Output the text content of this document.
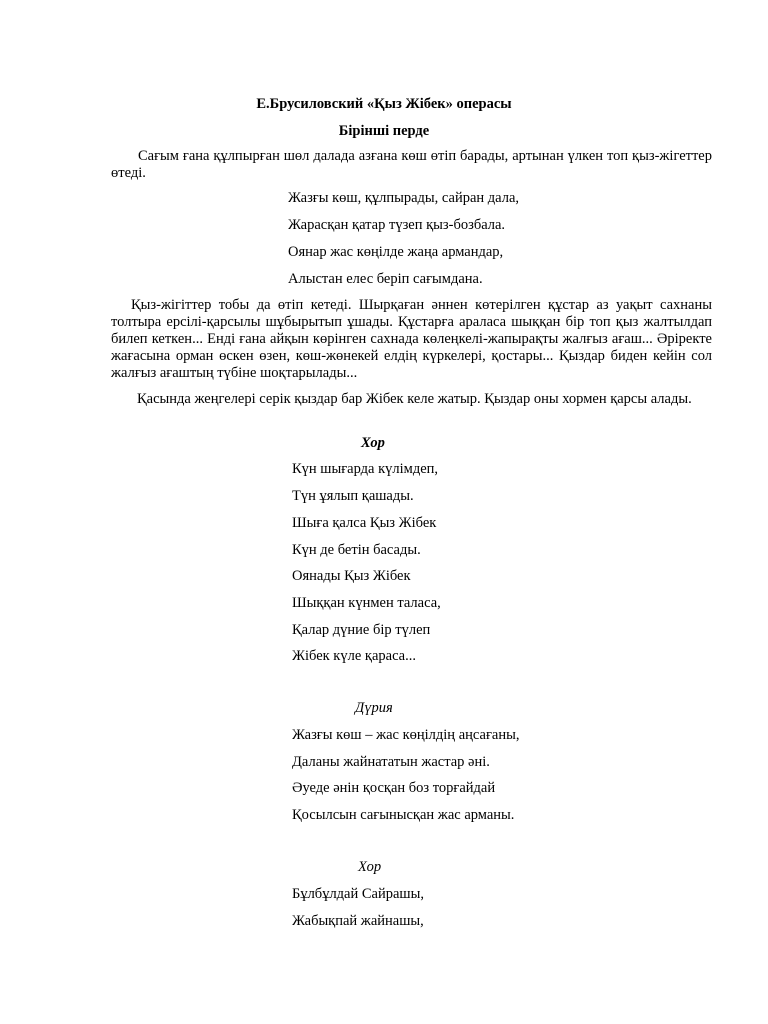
Е.Брусиловский «Қыз Жібек» операсы

Бірінші перде

Сағым ғана құлпырған шөл далада азғана көш өтіп барады, артынан үлкен топ қыз-жігеттер өтеді.

Жазғы көш, құлпырады, сайран дала,

Жарасқан қатар түзеп қыз-бозбала.

Оянар жас көңілде жаңа армандар,

Алыстан елес беріп сағымдана.

Қыз-жігіттер тобы да өтіп кетеді. Шырқаған әннен көтерілген құстар аз уақыт сахнаны толтыра ерсілі-қарсылы шұбырытып ұшады. Құстарға араласа шыққан бір топ қыз жалтылдап билеп кеткен... Енді ғана айқын көрінген сахнада көлеңкелі-жапырақты жалғыз ағаш... Әріректе жағасына орман өскен өзен, көш-жөнекей елдің күркелері, қостары... Қыздар биден кейін сол жалғыз ағаштың түбіне шоқтарылады...

Қасында жеңгелері серік қыздар бар Жібек келе жатыр. Қыздар оны хормен қарсы алады.

Хор

Күн шығарда күлімдеп,

Түн ұялып қашады.

Шыға қалса Қыз Жібек

Күн де бетін басады.

Оянады Қыз Жібек

Шыққан күнмен таласа,

Қалар дүние бір түлеп

Жібек күле қараса...

Дүрия

Жазғы көш – жас көңілдің аңсағаны,

Даланы жайнататын жастар əні.

Əуеде əнін қосқан боз торғайдай

Қосылсын сағынысқан жас арманы.

Хор

Бұлбұлдай Сайрашы,

Жабықпай жайнашы,
